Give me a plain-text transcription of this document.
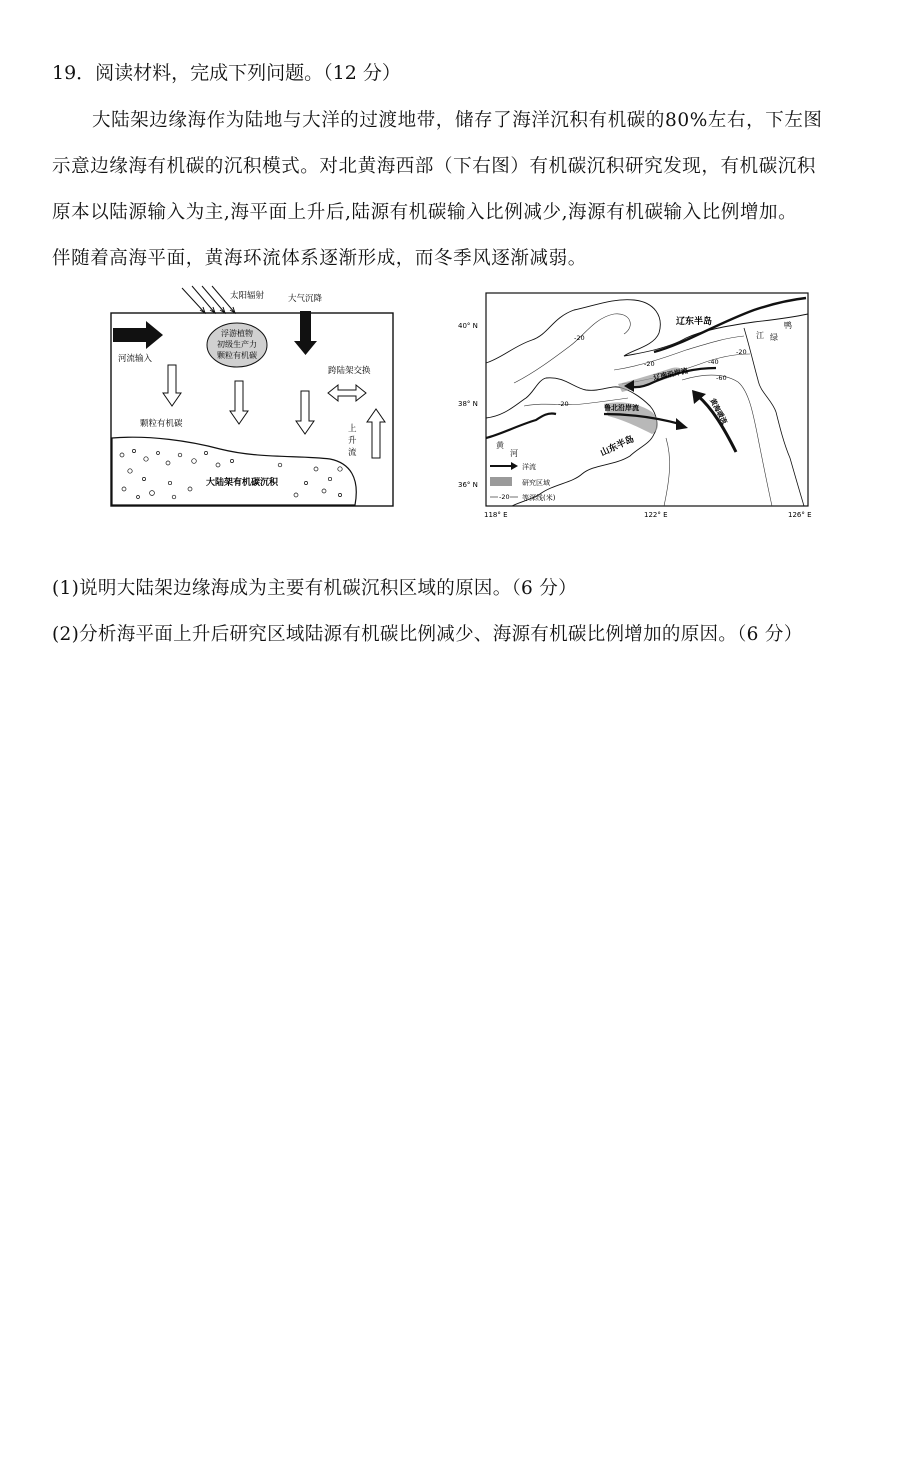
19．阅读材料，完成下列问题。（12 分）
大陆架边缘海作为陆地与大洋的过渡地带，储存了海洋沉积有机碳的80%左右，下左图
示意边缘海有机碳的沉积模式。对北黄海西部（下右图）有机碳沉积研究发现，有机碳沉积
原本以陆源输入为主,海平面上升后,陆源有机碳输入比例减少,海源有机碳输入比例增加。
伴随着高海平面，黄海环流体系逐渐形成，而冬季风逐渐减弱。
太阳辐射	大气沉降
河流输入
浮游植物
初级生产力
颗粒有机碳
颗粒有机碳
跨陆架交换
上
升
流
大陆架有机碳沉积
40° N
38° N
36° N
118° E	122° E	126° E
辽东半岛
山东半岛
鸭
绿
江
黄
河
辽南沿岸流
鲁北沿岸流	黄海暖流
-20
-20
-40
-60
-20
-20
洋流
研究区域
-20 等深线(米)
(1)说明大陆架边缘海成为主要有机碳沉积区域的原因。（6 分）
(2)分析海平面上升后研究区域陆源有机碳比例减少、海源有机碳比例增加的原因。（6 分）
